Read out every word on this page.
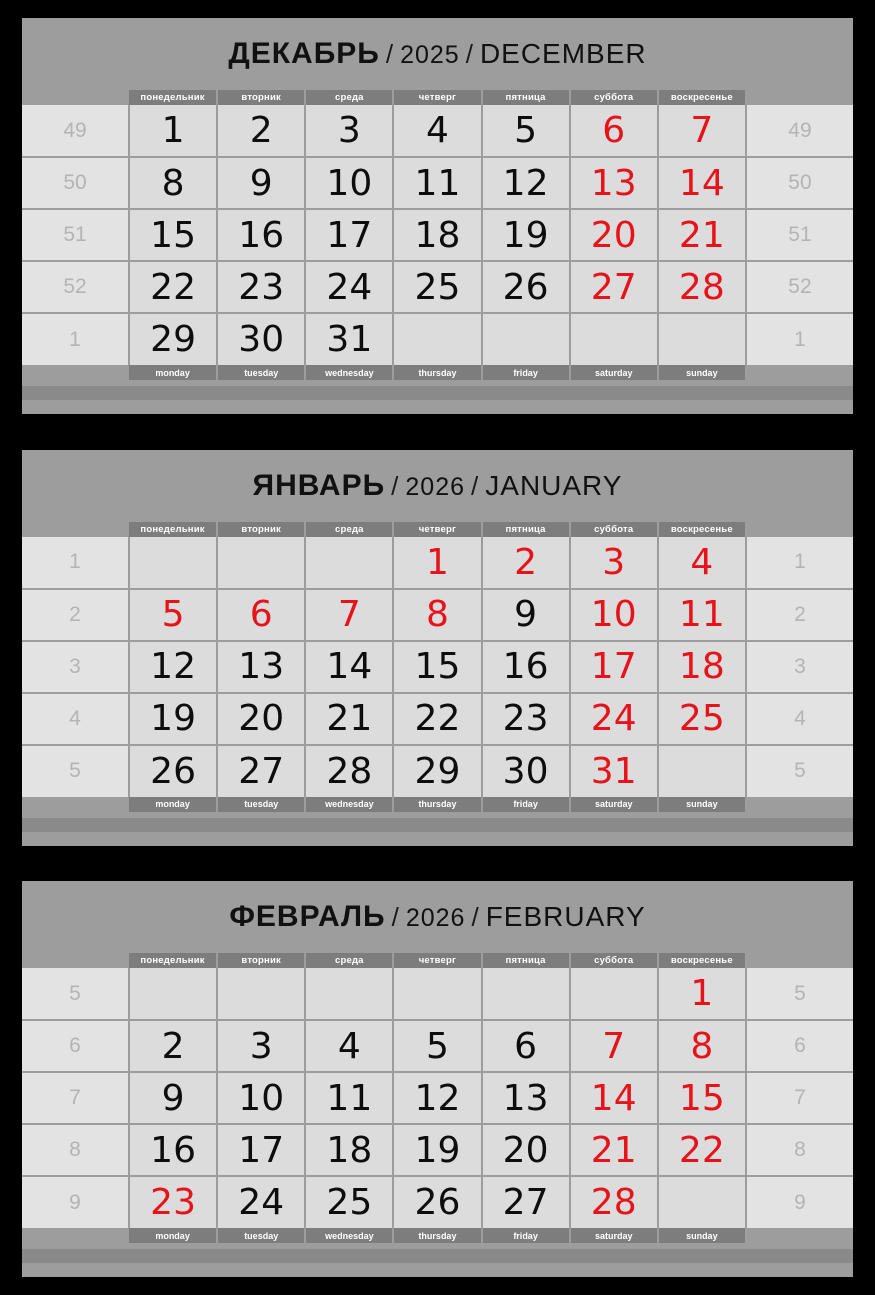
ДЕКАБРЬ / 2025 / DECEMBER
	понедельник	вторник	среда	четверг	пятница	суббота	воскресенье	
49	1	2	3	4	5	6	7	49
50	8	9	10	11	12	13	14	50
51	15	16	17	18	19	20	21	51
52	22	23	24	25	26	27	28	52
1	29	30	31					1
	monday	tuesday	wednesday	thursday	friday	saturday	sunday	
ЯНВАРЬ / 2026 / JANUARY
	понедельник	вторник	среда	четверг	пятница	суббота	воскресенье	
1				1	2	3	4	1
2	5	6	7	8	9	10	11	2
3	12	13	14	15	16	17	18	3
4	19	20	21	22	23	24	25	4
5	26	27	28	29	30	31		5
	monday	tuesday	wednesday	thursday	friday	saturday	sunday	
ФЕВРАЛЬ / 2026 / FEBRUARY
	понедельник	вторник	среда	четверг	пятница	суббота	воскресенье	
5							1	5
6	2	3	4	5	6	7	8	6
7	9	10	11	12	13	14	15	7
8	16	17	18	19	20	21	22	8
9	23	24	25	26	27	28		9
	monday	tuesday	wednesday	thursday	friday	saturday	sunday	
